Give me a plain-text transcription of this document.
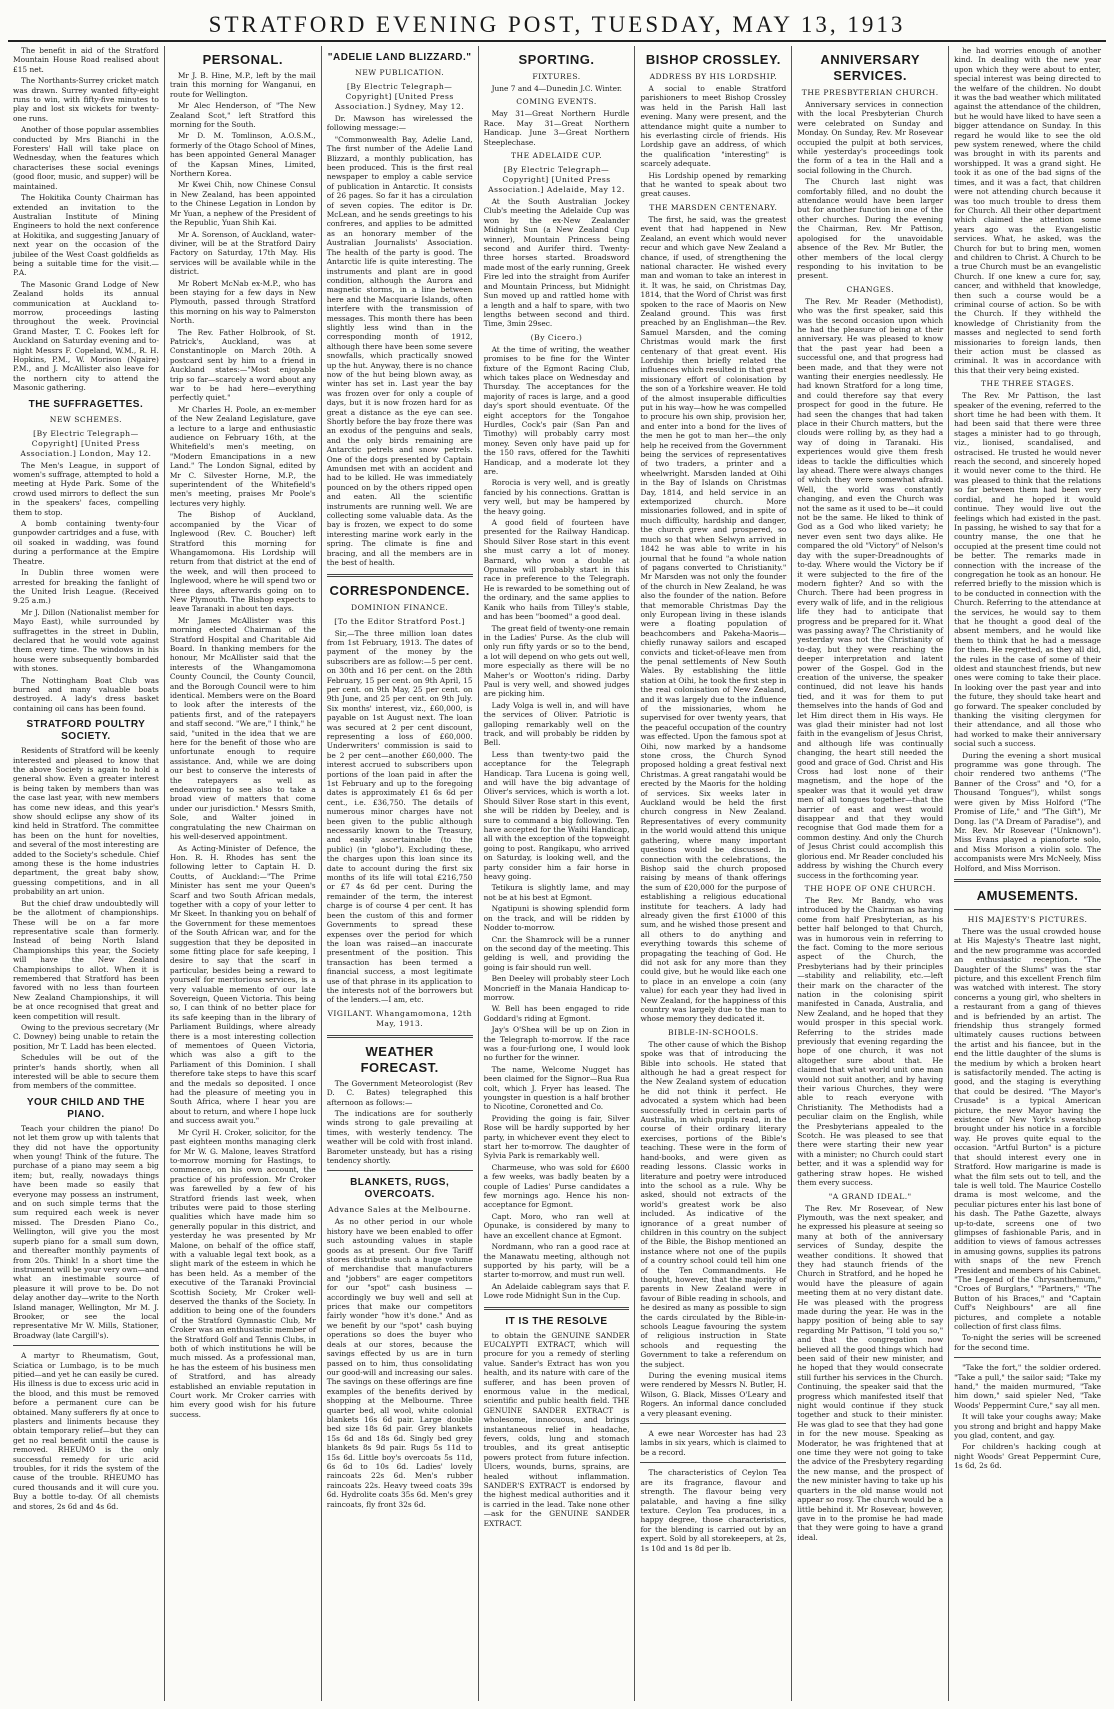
STRATFORD EVENING POST, TUESDAY, MAY 13, 1913

The benefit in aid of the Stratford Mountain House Road realised about £15 net.

The Northants-Surrey cricket match was drawn. Surrey wanted fifty-eight runs to win, with fifty-five minutes to play and lost six wickets for twenty-one runs.

Another of those popular assemblies conducted by Mrs Bianchi in the Foresters' Hall will take place on Wednesday, when the features which characterises these social evenings (good floor, music, and supper) will be maintained.

The Hokitika County Chairman has extended an invitation to the Australian Institute of Mining Engineers to hold the next conference at Hokitika, and suggesting January of next year on the occasion of the jubilee of the West Coast goldfields as being a suitable time for the visit.—P.A.

The Masonic Grand Lodge of New Zealand holds its annual communication at Auckland to-morrow, proceedings lasting throughout the week. Provincial Grand Master, T. C. Fookes left for Auckland on Saturday evening and to-night Messrs F. Copeland, W.M., R. H. Hopkins, P.M., W. Morison (Ngaire) P.M., and J. McAllister also leave for the northern city to attend the Masonic gathering.

THE SUFFRAGETTES.
NEW SCHEMES.
[By Electric Telegraph—Copyright] [United Press Association.] London, May 12.

The Men's League, in support of women's suffrage, attempted to hold a meeting at Hyde Park. Some of the crowd used mirrors to deflect the sun in the speakers' faces, compelling them to stop.

A bomb containing twenty-four gunpowder cartridges and a fuse, with oil soaked in wadding, was found during a performance at the Empire Theatre.

In Dublin three women were arrested for breaking the fanlight of the United Irish League. (Received 9.25 a.m.)

Mr J. Dillon (Nationalist member for Mayo East), while surrounded by suffragettes in the street in Dublin, declared that he would vote against them every time. The windows in his house were subsequently bombarded with stones.

The Nottingham Boat Club was burned and many valuable boats destroyed. A lady's dress basket containing oil cans has been found.

STRATFORD POULTRY SOCIETY.

Residents of Stratford will be keenly interested and pleased to know that the above Society is again to hold a general show. Even a greater interest is being taken by members than was the case last year, with new members has come new ideas, and this year's show should eclipse any show of its kind held in Stratford. The committee has been on the hunt for novelties, and several of the most interesting are added to the Society's schedule. Chief among these is the home industries department, the great baby show, guessing competitions, and in all probability an art union.

But the chief draw undoubtedly will be the allotment of championships. These will be on a far more representative scale than formerly. Instead of being North Island Championships this year, the Society will have the New Zealand Championships to allot. When it is remembered that Stratford has been favored with no less than fourteen New Zealand Championships, it will be at once recognised that great and keen competition will result.

Owing to the previous secretary (Mr C. Downey) being unable to retain the position, Mr T. Ladd has been elected.

Schedules will be out of the printer's hands shortly, when all interested will be able to secure them from members of the committee.

YOUR CHILD AND THE PIANO.

Teach your children the piano! Do not let them grow up with talents that they did not have the opportunity when young! Think of the future. The purchase of a piano may seem a big item; but, really, nowadays things have been made so easily that everyone may possess an instrument, and on such simple terms that the sum required each week is never missed. The Dresden Piano Co., Wellington, will give you the most superb piano for a small sum down, and thereafter monthly payments of from 20s. Think! In a short time the instrument will be your very own—and what an inestimable source of pleasure it will prove to be. Do not delay another day—write to the North Island manager, Wellington, Mr M. J. Brooker, or see the local representative Mr W. Mills, Stationer, Broadway (late Cargill's).

A martyr to Rheumatism, Gout, Sciatica or Lumbago, is to be much pitied—and yet he can easily be cured. His illness is due to excess uric acid in the blood, and this must be removed before a permanent cure can be obtained. Many sufferers fly at once to plasters and liniments because they obtain temporary relief—but they can get no real benefit until the cause is removed. RHEUMO is the only successful remedy for uric acid troubles, for it rids the system of the cause of the trouble. RHEUMO has cured thousands and it will cure you. Buy a bottle to-day. Of all chemists and stores, 2s 6d and 4s 6d.

PERSONAL.

Mr J. B. Hine, M.P., left by the mail train this morning for Wanganui, en route for Wellington.

Mr Alec Henderson, of "The New Zealand Scot," left Stratford this morning for the South.

Mr D. M. Tomlinson, A.O.S.M., formerly of the Otago School of Mines, has been appointed General Manager of the Kapsan Mines, Limited, Northern Korea.

Mr Kwei Chih, now Chinese Consul in New Zealand, has been appointed to the Chinese Legation in London by Mr Yuan, a nephew of the President of the Republic, Yuan Shih Kai.

Mr A. Sorenson, of Auckland, water-diviner, will be at the Stratford Dairy Factory on Saturday, 17th May. His services will be available while in the district.

Mr Robert McNab ex-M.P., who has been staying for a few days in New Plymouth, passed through Stratford this morning on his way to Palmerston North.

The Rev. Father Holbrook, of St. Patrick's, Auckland, was at Constantinople on March 20th. A postcard sent by him to a friend in Auckland states:—"Most enjoyable trip so far—scarcely a word about any war to be had here—everything perfectly quiet."

Mr Charles H. Poole, an ex-member of the New Zealand Legislature, gave a lecture to a large and enthusiastic audience on February 16th, at the Whitefield's men's meeting, on "Modern Emancipations in a new Land." The London Signal, edited by Mr C. Silvester Horne, M.P., the superintendent of the Whitefield's men's meeting, praises Mr Poole's lectures very highly.

The Bishop of Auckland, accompanied by the Vicar of Inglewood (Rev. C. Boucher) left Stratford this morning for Whangamomona. His Lordship will return from that district at the end of the week, and will then proceed to Inglewood, where he will spend two or three days, afterwards going on to New Plymouth. The Bishop expects to leave Taranaki in about ten days.

Mr James McAllister was this morning elected Chairman of the Stratford Hospital and Charitable Aid Board. In thanking members for the honour, Mr McAllister said that the interests of the Whangamomona County Council, the County Council, and the Borough Council were to him identical. Members were on the Board to look after the interests of the patients first, and of the ratepayers and staff second. "We are," I think," he said, "united in the idea that we are here for the benefit of those who are unfortunate enough to require assistance. And, while we are doing our best to conserve the interests of the ratepayers as well as endeavouring to see also to take a broad view of matters that come under our jurisdiction." Messrs Smith, Sole, and Walter joined in congratulating the new Chairman on his well-deserved appointment.

As Acting-Minister of Defence, the Hon. R. H. Rhodes has sent the following letter to Captain H. D. Coutts, of Auckland:—"The Prime Minister has sent me your Queen's Scarf and two South African medals, together with a copy of your letter to Mr Skeet. In thanking you on behalf of the Government for these mementoes of the South African war, and for the suggestion that they be deposited in some fitting place for safe keeping, I desire to say that the scarf in particular, besides being a reward to yourself for meritorious services, is a very valuable memento of our late Sovereign, Queen Victoria. This being so, I can think of no better place for its safe keeping than in the library of Parliament Buildings, where already there is a most interesting collection of mementoes of Queen Victoria, which was also a gift to the Parliament of this Dominion. I shall therefore take steps to have this scarf and the medals so deposited. I once had the pleasure of meeting you in South Africa, where I hear you are about to return, and where I hope luck and success await you."

Mr Cyril H. Croker, solicitor, for the past eighteen months managing clerk for Mr W. G. Malone, leaves Stratford to-morrow morning for Hastings, to commence, on his own account, the practice of his profession. Mr Croker was farewelled by a few of his Stratford friends last week, when tributes were paid to those sterling qualities which have made him so generally popular in this district, and yesterday he was presented by Mr Malone, on behalf of the office staff, with a valuable legal text book, as a slight mark of the esteem in which he has been held. As a member of the executive of the Taranaki Provincial Scottish Society, Mr Croker well-deserved the thanks of the Society. In addition to being one of the founders of the Stratford Gymnastic Club, Mr Croker was an enthusiastic member of the Stratford Golf and Tennis Clubs, in both of which institutions he will be much missed. As a professional man, he has the esteem of his business men of Stratford, and has already established an enviable reputation in Court work. Mr Croker carries with him every good wish for his future success.

"ADELIE LAND BLIZZARD."
NEW PUBLICATION.
[By Electric Telegraph—Copyright] [United Press Association.] Sydney, May 12.

Dr. Mawson has wirelessed the following message:—

"Commonwealth Bay, Adelie Land, The first number of the Adelie Land Blizzard, a monthly publication, has been produced. This is the first real newspaper to employ a cable service of publication in Antarctic. It consists of 26 pages. So far it has a circulation of seven copies. The editor is Dr. McLean, and he sends greetings to his confreres, and applies to be admitted as an honorary member of the Australian Journalists' Association. The health of the party is good. The Antarctic life is quite interesting. The instruments and plant are in good condition, although the Aurora and magnetic storms, in a line between here and the Macquarie Islands, often interfere with the transmission of messages. This month there has been slightly less wind than in the corresponding month of 1912, although there have been some severe snowfalls, which practically snowed up the hut. Anyway, there is no chance now of the hut being blown away, as winter has set in. Last year the bay was frozen over for only a couple of days, but it is now frozen hard for as great a distance as the eye can see. Shortly before the bay froze there was an exodus of the penguins and seals, and the only birds remaining are Antarctic petrels and snow petrels. One of the dogs presented by Captain Amundsen met with an accident and had to be killed. He was immediately pounced on by the others ripped open and eaten. All the scientific instruments are running well. We are collecting some valuable data. As the bay is frozen, we expect to do some interesting marine work early in the spring. The climate is fine and bracing, and all the members are in the best of health.

CORRESPONDENCE.
DOMINION FINANCE.
[To the Editor Stratford Post.]

Sir,—The three million loan dates from 1st February, 1913. The dates of payment of the money by the subscribers are as follow:—5 per cent. on 30th and 16 per cent. on the 28th February, 15 per cent. on 9th April, 15 per cent. on 9th May, 25 per cent. on 9th June, and 25 per cent. on 9th July. Six months' interest, viz., £60,000, is payable on 1st August next. The loan was secured at 2 per cent discount, representing a loss of £60,000. Underwriters' commission is said to be 2 per cent—another £60,000. The interest accrued to subscribers upon portions of the loan paid in after the 1st February and up to the foregoing dates is approximately £1 6s 6d per cent., i.e. £36,750. The details of numerous minor charges have not been given to the public although necessarily known to the Treasury, and easily ascertainable (to the public) (in "globo"). Excluding these, the charges upon this loan since its date to account during the first six months of its life will total £216,750 or £7 4s 6d per cent. During the remainder of the term, the interest charge is of course 4 per cent. It has been the custom of this and former Governments to spread these expenses over the period for which the loan was raised—an inaccurate presentment of the position. This transaction has been termed a financial success, a most legitimate use of that phrase in its application to the interests not of the borrowers but of the lenders.—I am, etc.

VIGILANT. Whangamomona, 12th May, 1913.
WEATHER FORECAST.

The Government Meteorologist (Rev D. C. Bates) telegraphed this afternoon as follows:—

The indications are for southerly winds strong to gale prevailing at times, with westerly tendency. The weather will be cold with frost inland. Barometer unsteady, but has a rising tendency shortly.

BLANKETS, RUGS, OVERCOATS.
Advance Sales at the Melbourne.

As no other period in our whole history have we been enabled to offer such astounding values in staple goods as at present. Our five Tariff stores distribute such a huge volume of merchandise that manufacturers and "jobbers" are eager competitors for our "spot" cash business —accordingly we buy well and sell at prices that make our competitors fairly wonder "how it's done." And as we benefit by our "spot" cash buying operations so does the buyer who deals at our stores, because the savings effected by us are in turn passed on to him, thus consolidating our good-will and increasing our sales. The savings on these offerings are fine examples of the benefits derived by shopping at the Melbourne. Three quarter bed, all wool, white colonial blankets 16s 6d pair. Large double bed size 18s 6d pair. Grey blankets 15s 6d and 18s 6d. Singly bed grey blankets 8s 9d pair. Rugs 5s 11d to 15s 6d. Little boy's overcoats 5s 11d, 6s 6d to 10s 6d. Ladies' lovely raincoats 22s 6d. Men's rubber raincoats 22s. Heavy tweed coats 39s 6d. Hydrolite coats 35s 6d. Men's grey raincoats, fly front 32s 6d.

SPORTING.
FIXTURES.

June 7 and 4—Dunedin J.C. Winter.

COMING EVENTS.

May 31—Great Northern Hurdle Race. May 31—Great Northern Handicap. June 3—Great Northern Steeplechase.

THE ADELAIDE CUP.
[By Electric Telegraph—Copyright] [United Press Association.] Adelaide, May 12.

At the South Australian Jockey Club's meeting the Adelaide Cup was won by the ex-New Zealander Midnight Sun (a New Zealand Cup winner), Mountain Princess being second and Aurifer third. Twenty-three horses started. Broadsword made most of the early running, Greek Fire led into the straight from Aurifer and Mountain Princess, but Midnight Sun moved up and rattled home with a length and a half to spare, with two lengths between second and third. Time, 3min 29sec.

(By Cicero.)

At the time of writing, the weather promises to be fine for the Winter fixture of the Egmont Racing Club, which takes place on Wednesday and Thursday. The acceptances for the majority of races is large, and a good day's sport should eventuate. Of the eight acceptors for the Tongahoe Hurdles, Cock's pair (San Pan and Timothy) will probably carry most money. Seven only have paid up for the 150 ravs, offered for the Tawhiti Handicap, and a moderate lot they are.

Rorocia is very well, and is greatly fancied by his connections. Grattan is very well, but may be hampered by the heavy going.

A good field of fourteen have presented for the Railway Handicap. Should Silver Rose start in this event she must carry a lot of money. Barnard, who won a double at Opunake will probably start in this race in preference to the Telegraph. He is rewarded to be something out of the ordinary, and the same applies to Kanik who hails from Tilley's stable, and has been "boomed" a good deal.

The great field of twenty-one remain in the Ladies' Purse. As the club will only run fifty yards or so to the bend, a lot will depend on who gets out well, more especially as there will be no Maher's or Wootton's riding. Darby Paul is very well, and showed judges are picking him.

Lady Volga is well in, and will have the services of Oliver. Patriotic is galloping remarkably well on the track, and will probably be ridden by Bell.

Less than twenty-two paid the acceptance for the Telegraph Handicap. Tara Lucena is going well, and will have the big advantage of Oliver's services, which is worth a lot. Should Silver Rose start in this event, she will be ridden by Deeley, and is sure to command a big following. Ten have accepted for the Waihi Handicap, all with the exception of the topweight going to post. Rangikapu, who arrived on Saturday, is looking well, and the party consider him a fair horse in heavy going.

Tetikura is slightly lame, and may not be at his best at Egmont.

Ngatipuni is showing splendid form on the track, and will be ridden by Nodder to-morrow.

Cnr. the Shamrock will be a runner on the second day of the meeting. This gelding is well, and providing the going is fair should run well.

Ben Deeley will probably steer Loch Moncrieff in the Manaia Handicap to-morrow.

W. Bell has been engaged to ride Goddard's riding at Egmont.

Jay's O'Shea will be up on Zion in the Telegraph to-morrow. If the race was a four-furlong one, I would look no further for the winner.

The name, Welcome Nugget has been claimed for the Signor—Rua Rua colt, which J. Fryer has leased. The youngster in question is a half brother to Nicotine, Coronetted and Co.

Providing the going is fair, Silver Rose will be hardly supported by her party, in whichever event they elect to start her to-morrow. The daughter of Sylvia Park is remarkably well.

Charmeuse, who was sold for £600 a few weeks, was badly beaten by a couple of Ladies' Purse candidates a few mornings ago. Hence his non-acceptance for Egmont.

Capt. Moro, who ran well at Opunake, is considered by many to have an excellent chance at Egmont.

Nordmann, who ran a good race at the Manawatu meeting, although not supported by his party, will be a starter to-morrow, and must run well.

An Adelaide cablegram says that F. Lowe rode Midnight Sun in the Cup.

IT IS THE RESOLVE

to obtain the GENUINE SANDER EUCALYPTI EXTRACT, which will procure for you a remedy of sterling value. Sander's Extract has won you health, and its nature with care of the sufferer, and has been proven of enormous value in the medical, scientific and public health field. THE GENUINE SANDER EXTRACT is wholesome, innocuous, and brings instantaneous relief in headache, fevers, colds, lung and stomach troubles, and its great antiseptic powers protect from future infection. Ulcers, wounds, burns, sprains, are healed without inflammation. SANDER'S EXTRACT is endorsed by the highest medical authorities and it is carried in the lead. Take none other—ask for the GENUINE SANDER EXTRACT.

BISHOP CROSSLEY.
ADDRESS BY HIS LORDSHIP.

A social to enable Stratford parishioners to meet Bishop Crossley was held in the Parish Hall last evening. Many were present, and the attendance might quite a number to his everlasting circle of friends. His Lordship gave an address, of which the qualification "interesting" is scarcely adequate.

His Lordship opened by remarking that he wanted to speak about two great causes.

THE MARSDEN CENTENARY.

The first, he said, was the greatest event that had happened in New Zealand, an event which would never recur and which gave New Zealand a chance, if used, of strengthening the national character. He wished every man and woman to take an interest in it. It was, he said, on Christmas Day, 1814, that the Word of Christ was first spoken to the race of Maoris on New Zealand ground. This was first preached by an Englishman—the Rev. Samuel Marsden, and the coming Christmas would mark the first centenary of that great event. His Lordship then briefly related the influences which resulted in that great missionary effort of colonisation by the son of a Yorkshire weaver. He told of the almost insuperable difficulties put in his way—how he was compelled to procure his own ship, provision her, and enter into a bond for the lives of the men he got to man her—the only help he received from the Government being the services of representatives of two traders, a printer and a wheelwright. Marsden landed at Oihi in the Bay of Islands on Christmas Day, 1814, and held service in an extemporized church. More missionaries followed, and in spite of much difficulty, hardship and danger, the church grew and prospered, so much so that when Selwyn arrived in 1842 he was able to write in his journal that he found "a whole nation of pagans converted to Christianity." Mr Marsden was not only the founder of the church in New Zealand, he was also the founder of the nation. Before that memorable Christmas Day the only European living in these islands were a floating population of beachcombers and Pakeha-Maoris—chiefly runaway sailors and escaped convicts and ticket-of-leave men from the penal settlements of New South Wales. By establishing the little station at Oihi, he took the first step in the real colonisation of New Zealand, and it was largely due to the influence of the missionaries, whom he supervised for over twenty years, that the peaceful occupation of the country was effected. Upon the famous spot at Oihi, now marked by a handsome stone cross, the Church Synod proposed holding a great festival next Christmas. A great rangatahi would be erected by the Maoris for the holding of services. Six weeks later in Auckland would be held the first church congress in New Zealand. Representatives of every community in the world would attend this unique gathering, where many important questions would be discussed. In connection with the celebrations, the Bishop said the church proposed raising by means of thank offerings the sum of £20,000 for the purpose of establishing a religious educational institute for teachers. A lady had already given the first £1000 of this sum, and he wished those present and all others to do anything and everything towards this scheme of propagating the teaching of God. He did not ask for any more than they could give, but he would like each one to place in an envelope a coin (any value) for each year they had lived in New Zealand, for the happiness of this country was largely due to the man to whose memory they dedicated it.

BIBLE-IN-SCHOOLS.

The other cause of which the Bishop spoke was that of introducing the Bible into schools. He stated that although he had a great respect for the New Zealand system of education he did not think it perfect. He advocated a system which had been successfully tried in certain parts of Australia, in which pupils read, in the course of their ordinary literary exercises, portions of the Bible's teaching. These were in the form of hand-books, and were given as reading lessons. Classic works in literature and poetry were introduced into the school as a rule. Why be asked, should not extracts of the world's greatest work be also included. As indicative of the ignorance of a great number of children in this country on the subject of the Bible, the Bishop mentioned an instance where not one of the pupils of a country school could tell him one of the Ten Commandments. He thought, however, that the majority of parents in New Zealand were in favour of Bible reading in schools, and he desired as many as possible to sign the cards circulated by the Bible-in-schools League favouring the system of religious instruction in State schools and requesting the Government to take a referendum on the subject.

During the evening musical items were rendered by Messrs N. Butler, H. Wilson, G. Black, Misses O'Leary and Rogers. An informal dance concluded a very pleasant evening.

A ewe near Worcester has had 23 lambs in six years, which is claimed to be a record.

The characteristics of Ceylon Tea are its fragrance, flavour and strength. The flavour being very palatable, and having a fine silky texture. Ceylon Tea produces, in a happy degree, those characteristics, for the blending is carried out by an expert. Sold by all storekeepers, at 2s, 1s 10d and 1s 8d per lb.

ANNIVERSARY SERVICES.
THE PRESBYTERIAN CHURCH.

Anniversary services in connection with the local Presbyterian Church were celebrated on Sunday and Monday. On Sunday, Rev. Mr Rosevear occupied the pulpit at both services, while yesterday's proceedings took the form of a tea in the Hall and a social following in the Church.

The Church last night was comfortably filled, and no doubt the attendance would have been larger but for another function in one of the other churches. During the evening the Chairman, Rev. Mr Pattison, apologised for the unavoidable absence of the Rev. Mr Butler, the other members of the local clergy responding to his invitation to be present.

CHANGES.

The Rev. Mr Reader (Methodist), who was the first speaker, said this was the second occasion upon which he had the pleasure of being at their anniversary. He was pleased to know that the past year had been a successful one, and that progress had been made, and that they were not wanting their energies needlessly. He had known Stratford for a long time, and could therefore say that every prospect for good in the future. He had seen the changes that had taken place in their Church matters, but the clouds were rolling by, as they had a way of doing in Taranaki. His experiences would give them fresh ideas to tackle the difficulties which lay ahead. There were always changes of which they were somewhat afraid. Well, the world was constantly changing, and even the Church was not the same as it used to be—it could not be the same. He liked to think of God as a God who liked variety; he never even sent two days alike. He compared the old "Victory" of Nelson's day with the super-Dreadnoughts of to-day. Where would the Victory be if it were subjected to the fire of the modern fighter? And so with the Church. There had been progress in every walk of life, and in the religious life they had to anticipate that progress and be prepared for it. What was passing away? The Christianity of yesterday was not the Christianity of to-day, but they were reaching the deeper interpretation and latent power of the Gospel. God in the creation of the universe, the speaker continued, did not leave his hands tied, and it was for them to put themselves into the hands of God and let Him direct them in His ways. He was glad their minister had not lost faith in the evangelism of Jesus Christ, and although life was continually changing, the heart still needed the good and grace of God. Christ and His Cross had lost none of their magnetism, and the hope of the speaker was that it would yet draw men of all tongues together—that the barrier of east and west would disappear and that they would recognise that God made them for a common destiny. And only the Church of Jesus Christ could accomplish this glorious end. Mr Reader concluded his address by wishing the Church every success in the forthcoming year.

THE HOPE OF ONE CHURCH.

The Rev. Mr Bandy, who was introduced by the Chairman as having come from half Presbyterian, as his better half belonged to that Church, was in humorous vein in referring to the fact. Coming to the more serious aspect of the Church, the Presbyterians had by their principles—stability and reliability, etc.—left their mark on the character of the nation in the colonising spirit manifested in Canada, Australia, and New Zealand, and he hoped that they would prosper in this special work. Referring to the strides made previously that evening regarding the hope of one church, it was not altogether sure about that. He claimed that what world unit one man would not suit another, and by having their various Churches, they were able to reach everyone with Christianity. The Methodists had a peculiar claim on the English, while the Presbyterians appealed to the Scotch. He was pleased to see that there were starting their new year with a minister; no Church could start better, and it was a splendid way for gathering straw hopes. He wished them every success.

"A GRAND IDEAL."

The Rev. Mr Rosevear, of New Plymouth, was the next speaker, and he expressed his pleasure at seeing so many at both of the anniversary services of Sunday, despite the weather conditions. It showed that they had staunch friends of the Church in Stratford, and he hoped he would have the pleasure of again meeting them at no very distant date. He was pleased with the progress made during the year. He was in the happy position of being able to say regarding Mr Pattison, "I told you so," and that the congregation now believed all the good things which had been said of their new minister, and he hoped that they would consecrate still further his services in the Church. Continuing, the speaker said that the progress which manifested itself that night would continue if they stuck together and stuck to their minister. He was glad to see that they had gone in for the new mouse. Speaking as Moderator, he was frightened that at one time they were not going to take the advice of the Presbytery regarding the new manse, and the prospect of the new minister having to take up his quarters in the old manse would not appear so rosy. The church would be a little behind it. Mr Rosevear, however, gave in to the promise he had made that they were going to have a grand ideal.

he had worries enough of another kind. In dealing with the new year upon which they were about to enter, special interest was being directed to the welfare of the children. No doubt it was the bad weather which militated against the attendance of the children, but he would have liked to have seen a bigger attendance on Sunday. In this regard he would like to see the old pew system renewed, where the child was brought in with its parents and worshipped. It was a grand sight. He took it as one of the bad signs of the times, and it was a fact, that children were not attending church because it was too much trouble to dress them for Church. All their other department which claimed the attention some years ago was the Evangelistic services. What, he asked, was the Church for but to bring men, women and children to Christ. A Church to be a true Church must be an evangelistic Church. If one knew a cure for, say, cancer, and withheld that knowledge, then such a course would be a criminal course of action. So be with the Church. If they withheld the knowledge of Christianity from the masses and neglected to send forth missionaries to foreign lands, then their action must be classed as criminal. It was in accordance with this that their very being existed.

THE THREE STAGES.

The Rev. Mr Pattison, the last speaker of the evening, referred to the short time he had been with them. It had been said that there were three stages a minister had to go through, viz., lionised, scandalised, and ostracised. He trusted he would never reach the second, and sincerely hoped it would never come to the third. He was pleased to think that the relations so far between them had been very cordial, and he hoped it would continue. They would live out the feelings which had existed in the past. In passing, he wished to say that for a country manse, the one that he occupied at the present time could not be better. The remarks made in connection with the increase of the congregation he took as an honour. He referred briefly to the mission which is to be conducted in connection with the Church. Referring to the attendance at the services, he would say to them that he thought a good deal of the absent members, and he would like them to think that he had a message for them. He regretted, as they all did, the rules in the case of some of their oldest and staunchest friends, but new ones were coming to take their place. In looking over the past year and into the future, they should take heart and go forward. The speaker concluded by thanking the visiting clergymen for their attendance, and all those who had worked to make their anniversary social such a success.

During the evening a short musical programme was gone through. The choir rendered two anthems ("The Banner of the Cross" and "O, for a Thousand Tongues"), whilst songs were given by Miss Holford ("The Promise of Life," and "The Gift"), Mr Dong. las ("A Dream of Paradise"), and Mr. Rev. Mr Rosevear ("Unknown"). Miss Evans played a pianoforte solo, and Miss Morison a violin solo. The accompanists were Mrs McNeely, Miss Holford, and Miss Morrison.

AMUSEMENTS.
HIS MAJESTY'S PICTURES.

There was the usual crowded house at His Majesty's Theatre last night, and the new programme was accorded an enthusiastic reception. "The Daughter of the Slums" was the star picture, and this excellent French film was watched with interest. The story concerns a young girl, who shelters in a restaurant from a gang of thieves and is befriended by an artist. The friendship thus strangely formed ultimately causes ructions between the artist and his fiancee, but in the end the little daughter of the slums is the medium by which a broken heart is satisfactorily mended. The acting is good, and the staging is everything that could be desired. "The Mayor's Crusade" is a typical American picture, the new Mayor having the existence of New York's sweatshop brought under his notice in a forcible way. He proves quite equal to the occasion. "Artful Burton" is a picture that should interest every one in Stratford. How marigarine is made is what the film sets out to tell, and the tale is well told. The Maurice Costello drama is most welcome, and the peculiar pictures enter his last bone of his dash. The Pathe Gazette, always up-to-date, screens one of two glimpses of fashionable Paris, and in addition to views of famous actresses in amusing gowns, supplies its patrons with snaps of the new French President and members of his Cabinet. "The Legend of the Chrysanthemum," "Croes of Burglars," "Partners," "The Button of his Braces," and "Captain Cuff's Neighbours" are all fine pictures, and complete a notable collection of first class films.

To-night the series will be screened for the second time.

"Take the fort," the soldier ordered. "Take a pull," the sailor said; "Take my hand," the maiden murmured, "Take him down," said spieler Ned, "Take Woods' Peppermint Cure," say all men.

It will take your coughs away; Make you strong and bright and happy Make you glad, content, and gay.

For children's hacking cough at night Woods' Great Peppermint Cure, 1s 6d, 2s 6d.
